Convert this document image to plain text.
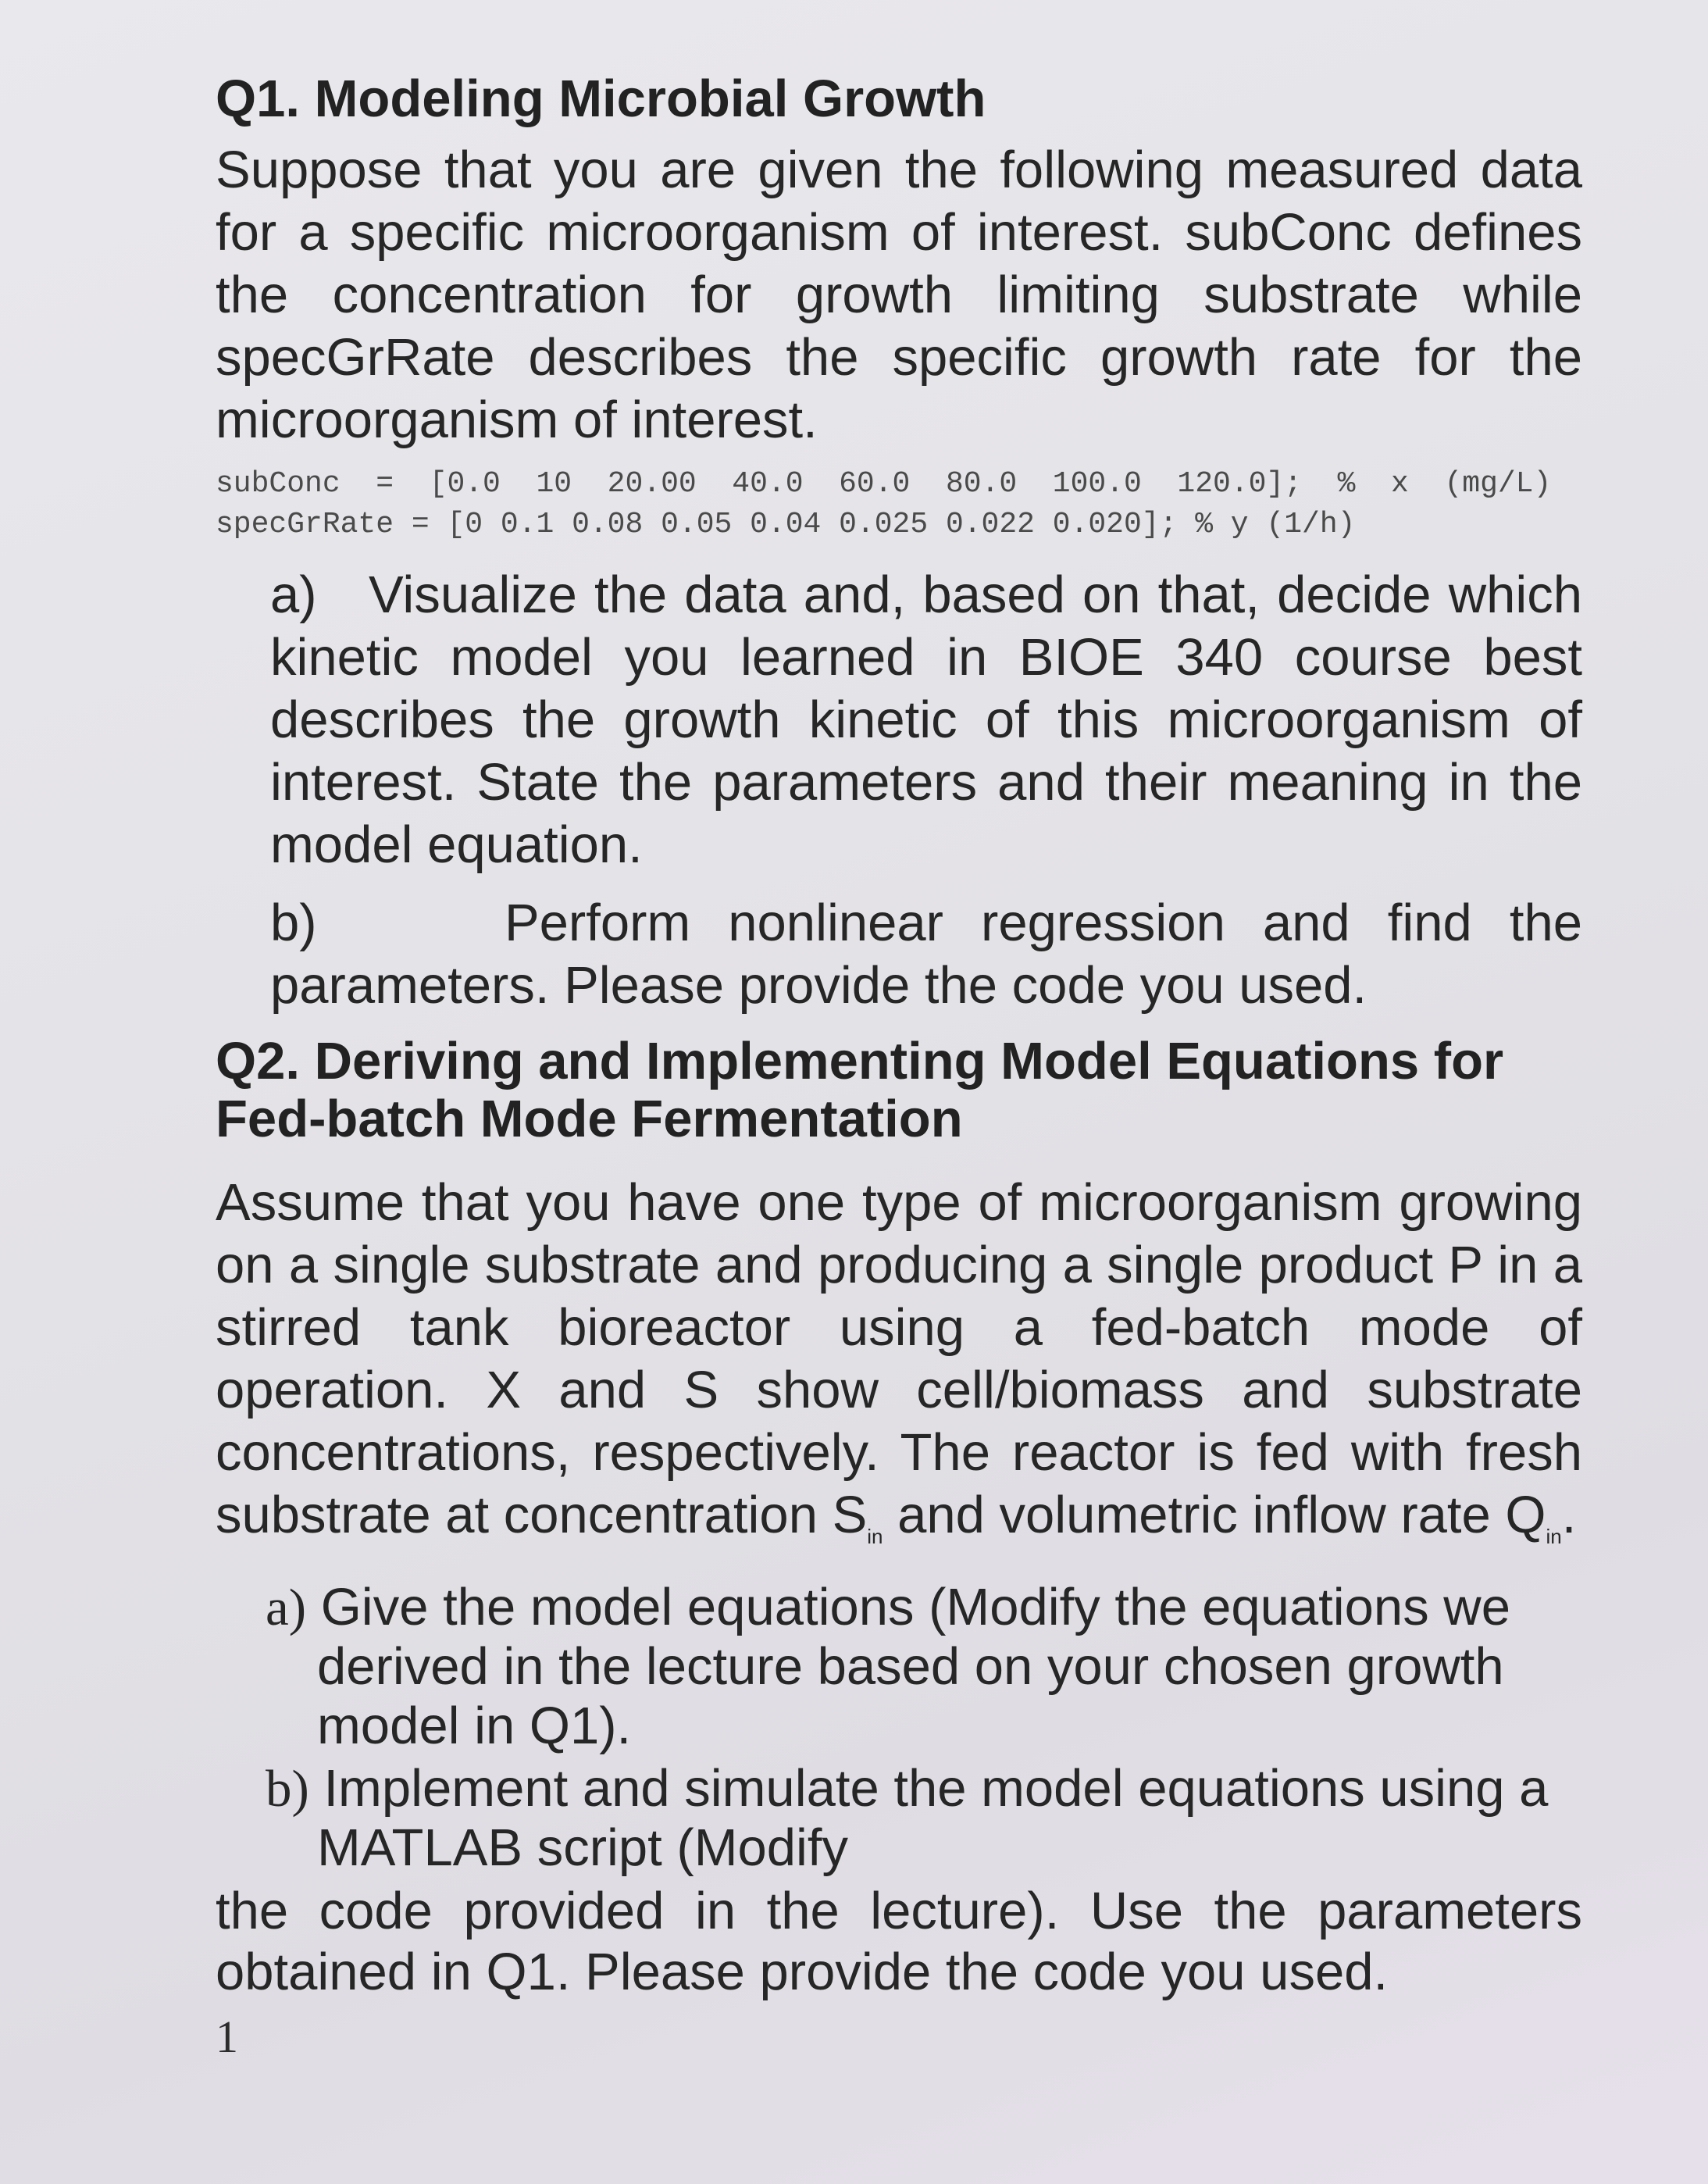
Q1. Modeling Microbial Growth

Suppose that you are given the following measured data for a specific microorganism of interest. subConc defines the concentration for growth limiting substrate while specGrRate describes the specific growth rate for the microorganism of interest.

subConc  =  [0.0  10  20.00  40.0  60.0  80.0  100.0  120.0];  %  x  (mg/L)
specGrRate = [0 0.1 0.08 0.05 0.04 0.025 0.022 0.020]; % y (1/h)
a) Visualize the data and, based on that, decide which kinetic model you learned in BIOE 340 course best describes the growth kinetic of this microorganism of interest. State the parameters and their meaning in the model equation.
b)	Perform nonlinear regression and find the parameters. Please provide the code you used.
Q2. Deriving and Implementing Model Equations for Fed-batch Mode Fermentation

Assume that you have one type of microorganism growing on a single substrate and producing a single product P in a stirred tank bioreactor using a fed-batch mode of operation. X and S show cell/biomass and substrate concentrations, respectively. The reactor is fed with fresh substrate at concentration $S_{in}$ and volumetric inflow rate $Q_{in}$.

a) Give the model equations (Modify the equations we derived in the lecture based on your chosen growth model in Q1).
b) Implement and simulate the model equations using a MATLAB script (Modify

the code provided in the lecture). Use the parameters obtained in Q1. Please provide the code you used.

1
